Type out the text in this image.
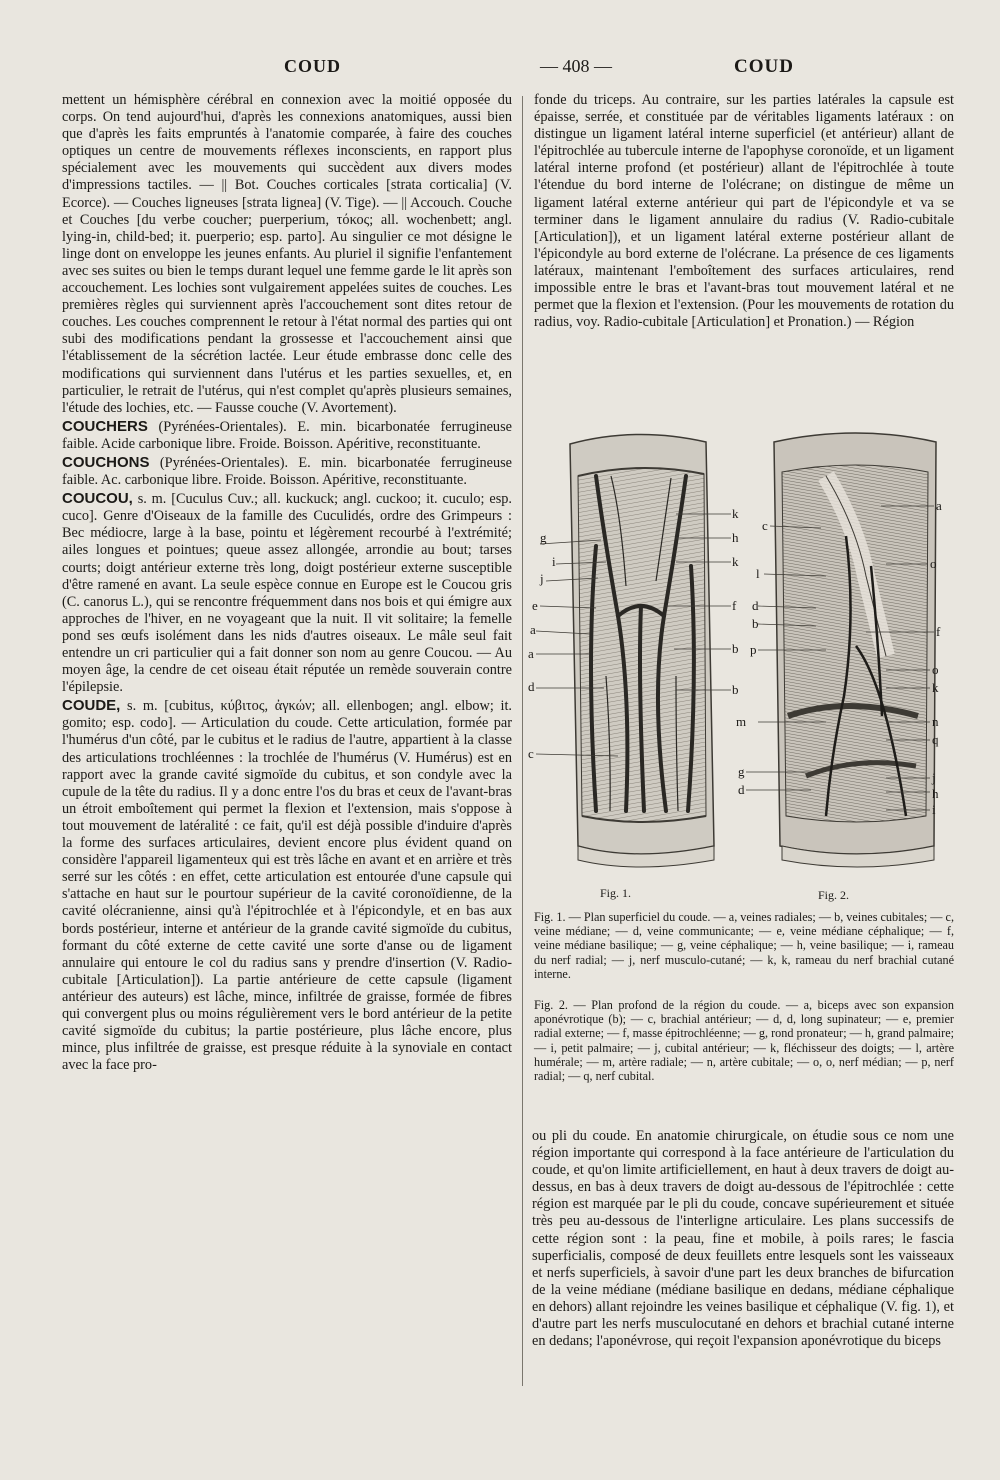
COUD	— 408 —	COUD

mettent un hémisphère cérébral en connexion avec la moitié opposée du corps. On tend aujourd'hui, d'après les connexions anatomiques, aussi bien que d'après les faits empruntés à l'anatomie comparée, à faire des couches optiques un centre de mouvements réflexes inconscients, en rapport plus spécialement avec les mouvements qui succèdent aux divers modes d'impressions tactiles. — || Bot. Couches corticales [strata corticalia] (V. Ecorce). — Couches ligneuses [strata lignea] (V. Tige). — || Accouch. Couche et Couches [du verbe coucher; puerperium, τόκος; all. wochenbett; angl. lying-in, child-bed; it. puerperio; esp. parto]. Au singulier ce mot désigne le linge dont on enveloppe les jeunes enfants. Au pluriel il signifie l'enfantement avec ses suites ou bien le temps durant lequel une femme garde le lit après son accouchement. Les lochies sont vulgairement appelées suites de couches. Les premières règles qui surviennent après l'accouchement sont dites retour de couches. Les couches comprennent le retour à l'état normal des parties qui ont subi des modifications pendant la grossesse et l'accouchement ainsi que l'établissement de la sécrétion lactée. Leur étude embrasse donc celle des modifications qui surviennent dans l'utérus et les parties sexuelles, et, en particulier, le retrait de l'utérus, qui n'est complet qu'après plusieurs semaines, l'étude des lochies, etc. — Fausse couche (V. Avortement).

COUCHERS (Pyrénées-Orientales). E. min. bicarbonatée ferrugineuse faible. Acide carbonique libre. Froide. Boisson. Apéritive, reconstituante.

COUCHONS (Pyrénées-Orientales). E. min. bicarbonatée ferrugineuse faible. Ac. carbonique libre. Froide. Boisson. Apéritive, reconstituante.

COUCOU, s. m. [Cuculus Cuv.; all. kuckuck; angl. cuckoo; it. cuculo; esp. cuco]. Genre d'Oiseaux de la famille des Cuculidés, ordre des Grimpeurs : Bec médiocre, large à la base, pointu et légèrement recourbé à l'extrémité; ailes longues et pointues; queue assez allongée, arrondie au bout; tarses courts; doigt antérieur externe très long, doigt postérieur externe susceptible d'être ramené en avant. La seule espèce connue en Europe est le Coucou gris (C. canorus L.), qui se rencontre fréquemment dans nos bois et qui émigre aux approches de l'hiver, en ne voyageant que la nuit. Il vit solitaire; la femelle pond ses œufs isolément dans les nids d'autres oiseaux. Le mâle seul fait entendre un cri particulier qui a fait donner son nom au genre Coucou. — Au moyen âge, la cendre de cet oiseau était réputée un remède souverain contre l'épilepsie.

COUDE, s. m. [cubitus, κύβιτος, ἀγκών; all. ellenbogen; angl. elbow; it. gomito; esp. codo]. — Articulation du coude. Cette articulation, formée par l'humérus d'un côté, par le cubitus et le radius de l'autre, appartient à la classe des articulations trochléennes : la trochlée de l'humérus (V. Humérus) est en rapport avec la grande cavité sigmoïde du cubitus, et son condyle avec la cupule de la tête du radius. Il y a donc entre l'os du bras et ceux de l'avant-bras un étroit emboîtement qui permet la flexion et l'extension, mais s'oppose à tout mouvement de latéralité : ce fait, qu'il est déjà possible d'induire d'après la forme des surfaces articulaires, devient encore plus évident quand on considère l'appareil ligamenteux qui est très lâche en avant et en arrière et très serré sur les côtés : en effet, cette articulation est entourée d'une capsule qui s'attache en haut sur le pourtour supérieur de la cavité coronoïdienne, de la cavité olécranienne, ainsi qu'à l'épitrochlée et à l'épicondyle, et en bas aux bords postérieur, interne et antérieur de la grande cavité sigmoïde du cubitus, formant du côté externe de cette cavité une sorte d'anse ou de ligament annulaire qui entoure le col du radius sans y prendre d'insertion (V. Radio-cubitale [Articulation]). La partie antérieure de cette capsule (ligament antérieur des auteurs) est lâche, mince, infiltrée de graisse, formée de fibres qui convergent plus ou moins régulièrement vers le bord antérieur de la petite cavité sigmoïde du cubitus; la partie postérieure, plus lâche encore, plus mince, plus infiltrée de graisse, est presque réduite à la synoviale en contact avec la face pro-

fonde du triceps. Au contraire, sur les parties latérales la capsule est épaisse, serrée, et constituée par de véritables ligaments latéraux : on distingue un ligament latéral interne superficiel (et antérieur) allant de l'épitrochlée au tubercule interne de l'apophyse coronoïde, et un ligament latéral interne profond (et postérieur) allant de l'épitrochlée à toute l'étendue du bord interne de l'olécrane; on distingue de même un ligament latéral externe antérieur qui part de l'épicondyle et va se terminer dans le ligament annulaire du radius (V. Radio-cubitale [Articulation]), et un ligament latéral externe postérieur allant de l'épicondyle au bord externe de l'olécrane. La présence de ces ligaments latéraux, maintenant l'emboîtement des surfaces articulaires, rend impossible entre le bras et l'avant-bras tout mouvement latéral et ne permet que la flexion et l'extension. (Pour les mouvements de rotation du radius, voy. Radio-cubitale [Articulation] et Pronation.) — Région

g
i
j
e
a
a
d
c
k
h
k
f
b
b
c
l
d
b
p
m
g
d
a
o
f
o
k
n
q
j
h
i
Fig. 1.	Fig. 2.
Fig. 1. — Plan superficiel du coude. — a, veines radiales; — b, veines cubitales; — c, veine médiane; — d, veine communicante; — e, veine médiane céphalique; — f, veine médiane basilique; — g, veine céphalique; — h, veine basilique; — i, rameau du nerf radial; — j, nerf musculo-cutané; — k, k, rameau du nerf brachial cutané interne.
Fig. 2. — Plan profond de la région du coude. — a, biceps avec son expansion aponévrotique (b); — c, brachial antérieur; — d, d, long supinateur; — e, premier radial externe; — f, masse épitrochléenne; — g, rond pronateur; — h, grand palmaire; — i, petit palmaire; — j, cubital antérieur; — k, fléchisseur des doigts; — l, artère humérale; — m, artère radiale; — n, artère cubitale; — o, o, nerf médian; — p, nerf radial; — q, nerf cubital.

ou pli du coude. En anatomie chirurgicale, on étudie sous ce nom une région importante qui correspond à la face antérieure de l'articulation du coude, et qu'on limite artificiellement, en haut à deux travers de doigt au-dessus, en bas à deux travers de doigt au-dessous de l'épitrochlée : cette région est marquée par le pli du coude, concave supérieurement et située très peu au-dessous de l'interligne articulaire. Les plans successifs de cette région sont : la peau, fine et mobile, à poils rares; le fascia superficialis, composé de deux feuillets entre lesquels sont les vaisseaux et nerfs superficiels, à savoir d'une part les deux branches de bifurcation de la veine médiane (médiane basilique en dedans, médiane céphalique en dehors) allant rejoindre les veines basilique et céphalique (V. fig. 1), et d'autre part les nerfs musculocutané en dehors et brachial cutané interne en dedans; l'aponévrose, qui reçoit l'expansion aponévrotique du biceps
